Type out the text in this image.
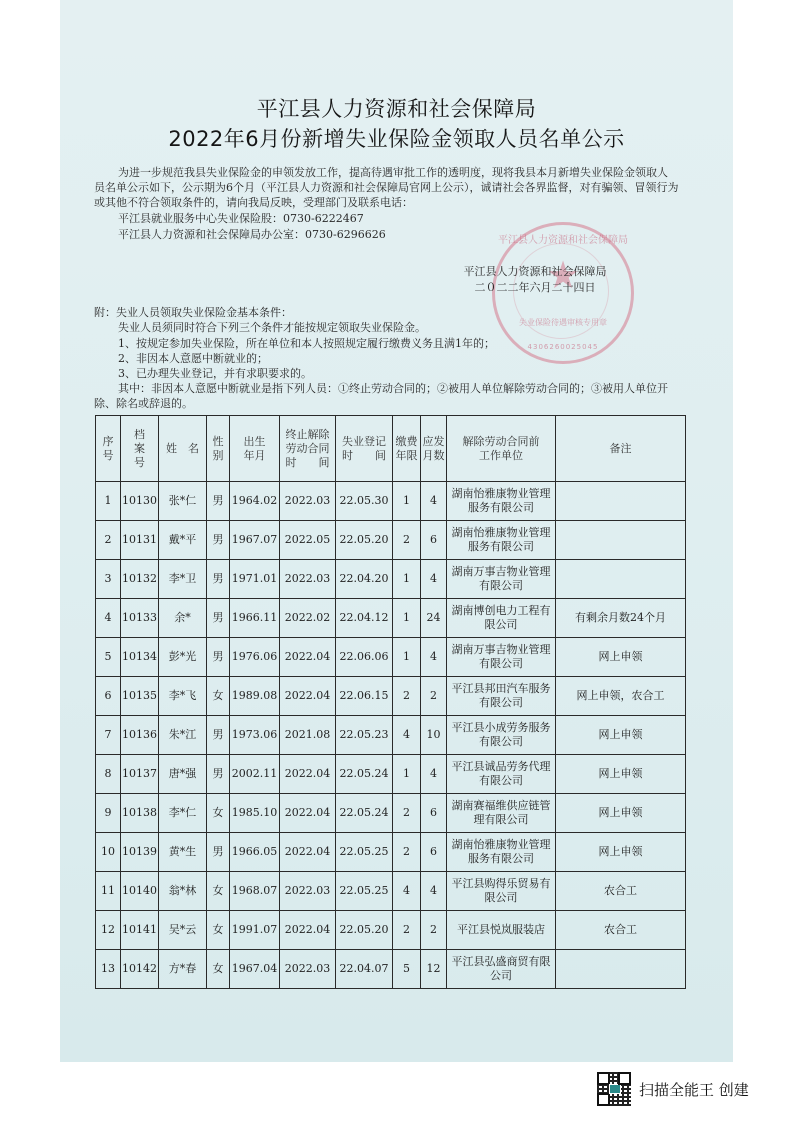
平江县人力资源和社会保障局
2022年6月份新增失业保险金领取人员名单公示
为进一步规范我县失业保险金的申领发放工作，提高待遇审批工作的透明度，现将我县本月新增失业保险金领取人
员名单公示如下，公示期为6个月（平江县人力资源和社会保障局官网上公示），诚请社会各界监督，对有骗领、冒领行为
或其他不符合领取条件的，请向我局反映，受理部门及联系电话：
平江县就业服务中心失业保险股：0730-6222467
平江县人力资源和社会保障局办公室：0730-6296626	平江县人力资源和社会保障局
★
失业保险待遇审核专用章
4306260025045
平江县人力资源和社会保障局
二０二二年六月二十四日
附：失业人员领取失业保险金基本条件：
失业人员须同时符合下列三个条件才能按规定领取失业保险金。
1、按规定参加失业保险，所在单位和本人按照规定履行缴费义务且满1年的；
2、非因本人意愿中断就业的；
3、已办理失业登记，并有求职要求的。
其中：非因本人意愿中断就业是指下列人员：①终止劳动合同的；②被用人单位解除劳动合同的；③被用人单位开
除、除名或辞退的。
序
号	档
案
号	姓　名	性
别	出生
年月	终止解除
劳动合同
时　　间	失业登记
时　　间	缴费
年限	应发
月数	解除劳动合同前
工作单位	备注
1	10130	张*仁	男	1964.02	2022.03	22.05.30	1	4	湖南怡雅康物业管理服务有限公司	
2	10131	戴*平	男	1967.07	2022.05	22.05.20	2	6	湖南怡雅康物业管理服务有限公司	
3	10132	李*卫	男	1971.01	2022.03	22.04.20	1	4	湖南万事吉物业管理有限公司	
4	10133	余*	男	1966.11	2022.02	22.04.12	1	24	湖南博创电力工程有限公司	有剩余月数24个月
5	10134	彭*光	男	1976.06	2022.04	22.06.06	1	4	湖南万事吉物业管理有限公司	网上申领
6	10135	李*飞	女	1989.08	2022.04	22.06.15	2	2	平江县邦田汽车服务有限公司	网上申领，农合工
7	10136	朱*江	男	1973.06	2021.08	22.05.23	4	10	平江县小成劳务服务有限公司	网上申领
8	10137	唐*强	男	2002.11	2022.04	22.05.24	1	4	平江县诚品劳务代理有限公司	网上申领
9	10138	李*仁	女	1985.10	2022.04	22.05.24	2	6	湖南赛福维供应链管理有限公司	网上申领
10	10139	黄*生	男	1966.05	2022.04	22.05.25	2	6	湖南怡雅康物业管理服务有限公司	网上申领
11	10140	翁*林	女	1968.07	2022.03	22.05.25	4	4	平江县购得乐贸易有限公司	农合工
12	10141	吴*云	女	1991.07	2022.04	22.05.20	2	2	平江县悦岚服装店	农合工
13	10142	方*春	女	1967.04	2022.03	22.04.07	5	12	平江县弘盛商贸有限公司	
扫描全能王 创建
